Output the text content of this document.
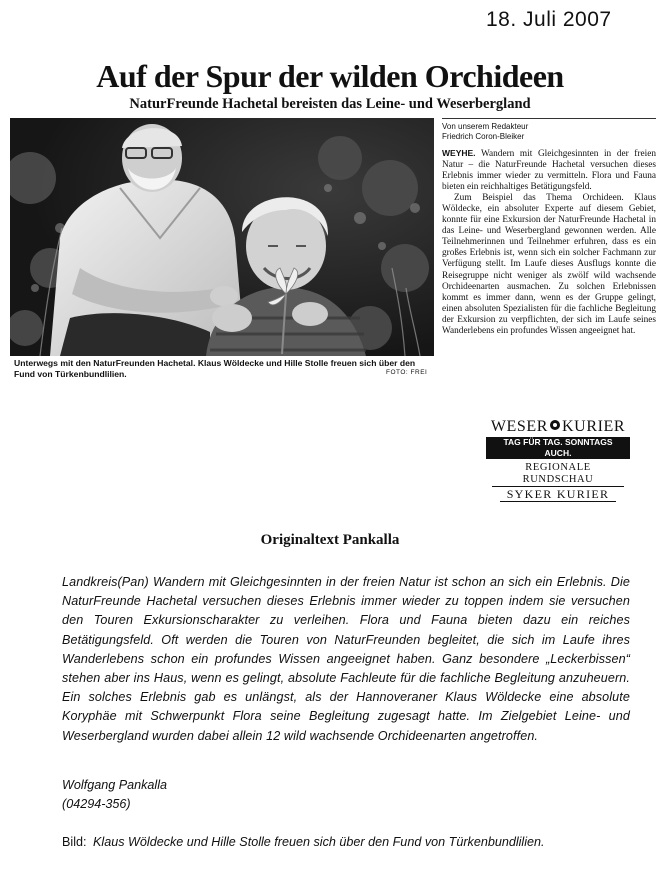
18. Juli 2007
Auf der Spur der wilden Orchideen
NaturFreunde Hachetal bereisten das Leine- und Weserbergland
Unterwegs mit den NaturFreunden Hachetal. Klaus Wöldecke und Hille Stolle freuen sich über den Fund von Türkenbundlilien.	FOTO: FREI
Von unserem Redakteur
Friedrich Coron-Bleiker
WEYHE. Wandern mit Gleichgesinnten in der freien Natur – die NaturFreunde Hachetal versuchen dieses Erlebnis immer wieder zu vermitteln. Flora und Fauna bieten ein reichhaltiges Betätigungsfeld.
Zum Beispiel das Thema Orchideen. Klaus Wöldecke, ein absoluter Experte auf diesem Gebiet, konnte für eine Exkursion der NaturFreunde Hachetal in das Leine- und Weserbergland gewonnen werden. Alle Teilnehmerinnen und Teilnehmer erfuhren, dass es ein großes Erlebnis ist, wenn sich ein solcher Fachmann zur Verfügung stellt. Im Laufe dieses Ausflugs konnte die Reisegruppe nicht weniger als zwölf wild wachsende Orchideenarten ausmachen. Zu solchen Erlebnissen kommt es immer dann, wenn es der Gruppe gelingt, einen absoluten Spezialisten für die fachliche Begleitung der Exkursion zu verpflichten, der sich im Laufe seines Wanderlebens ein profundes Wissen angeeignet hat.
WESER KURIER
TAG FÜR TAG. SONNTAGS AUCH.
REGIONALE RUNDSCHAU
SYKER KURIER
Originaltext Pankalla
Landkreis(Pan) Wandern mit Gleichgesinnten in der freien Natur ist schon an sich ein Erlebnis. Die NaturFreunde Hachetal versuchen dieses Erlebnis immer wieder zu toppen indem sie versuchen den Touren Exkursionscharakter zu verleihen. Flora und Fauna bieten dazu ein reiches Betätigungsfeld. Oft werden die Touren von NaturFreunden begleitet, die sich im Laufe ihres Wanderlebens schon ein profundes Wissen angeeignet haben. Ganz besondere „Leckerbissen“ stehen aber ins Haus, wenn es gelingt, absolute Fachleute für die fachliche Begleitung anzuheuern. Ein solches Erlebnis gab es unlängst, als der Hannoveraner Klaus Wöldecke eine absolute Koryphäe mit Schwerpunkt Flora seine Begleitung zugesagt hatte. Im Zielgebiet Leine- und Weserbergland wurden dabei allein 12 wild wachsende Orchideenarten angetroffen.
Wolfgang Pankalla
(04294-356)
Bild: Klaus Wöldecke und Hille Stolle freuen sich über den Fund von Türkenbundlilien.
